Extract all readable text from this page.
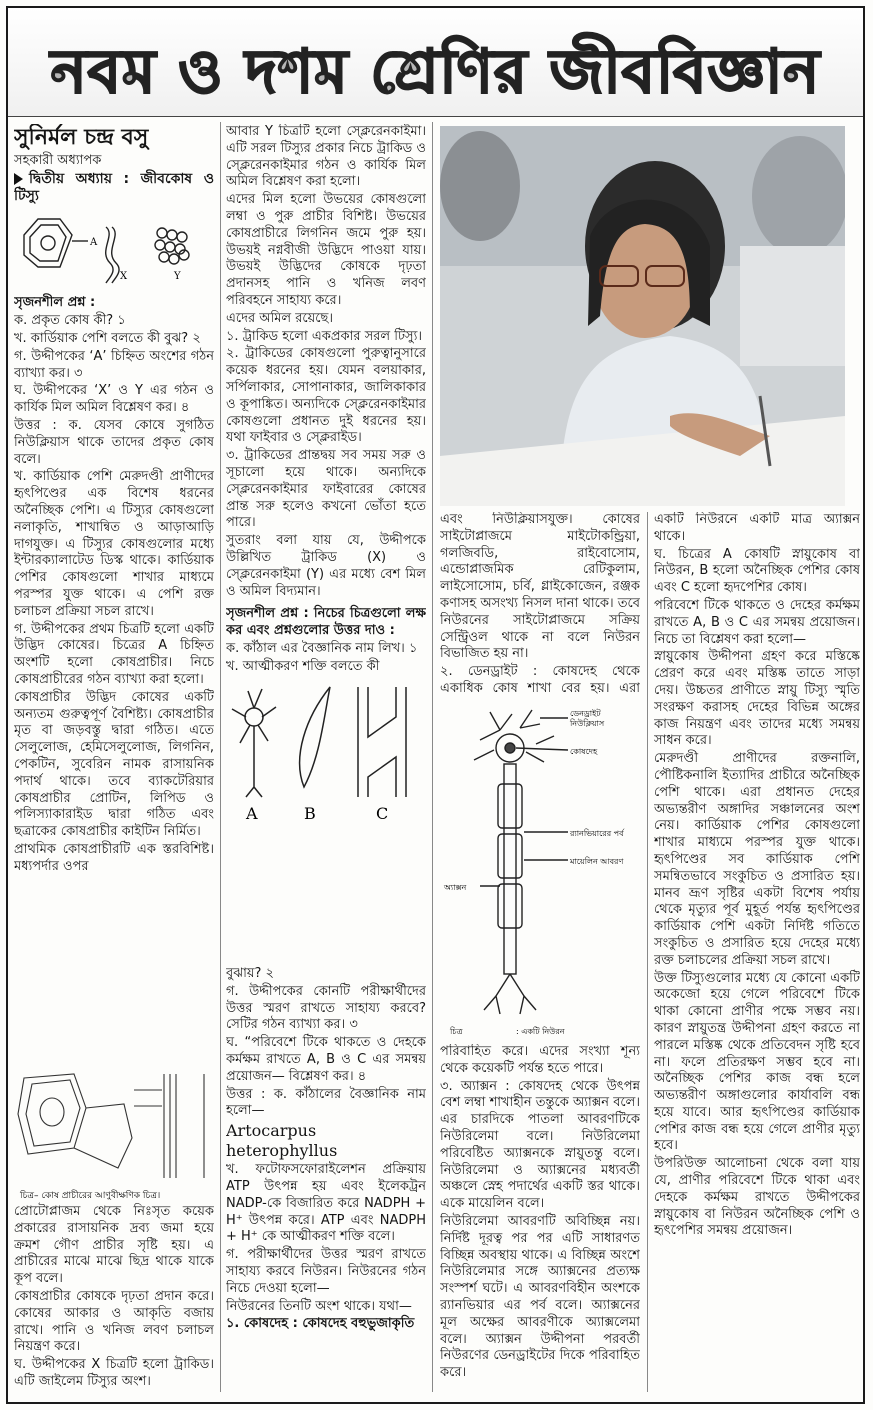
নবম ও দশম শ্রেণির জীববিজ্ঞান

সুনির্মল চন্দ্র বসু

সহকারী অধ্যাপক

দ্বিতীয় অধ্যায় : জীবকোষ ও টিস্যু

A
X	Y

সৃজনশীল প্রশ্ন :

ক. প্রকৃত কোষ কী? ১

খ. কার্ডিয়াক পেশি বলতে কী বুঝ? ২

গ. উদ্দীপকের ‘A’ চিহ্নিত অংশের গঠন ব্যাখ্যা কর। ৩

ঘ. উদ্দীপকের ‘X’ ও Y এর গঠন ও কার্যিক মিল অমিল বিশ্লেষণ কর। ৪

উত্তর : ক. যেসব কোষে সুগঠিত নিউক্লিয়াস থাকে তাদের প্রকৃত কোষ বলে।

খ. কার্ডিয়াক পেশি মেরুদণ্ডী প্রাণীদের হৃৎপিণ্ডের এক বিশেষ ধরনের অনৈচ্ছিক পেশি। এ টিস্যুর কোষগুলো নলাকৃতি, শাখান্বিত ও আড়াআড়ি দাগযুক্ত। এ টিস্যুর কোষগুলোর মধ্যে ইন্টারক্যালাটেড ডিস্ক থাকে। কার্ডিয়াক পেশির কোষগুলো শাখার মাধ্যমে পরস্পর যুক্ত থাকে। এ পেশি রক্ত চলাচল প্রক্রিয়া সচল রাখে।

গ. উদ্দীপকের প্রথম চিত্রটি হলো একটি উদ্ভিদ কোষের। চিত্রের A চিহ্নিত অংশটি হলো কোষপ্রাচীর। নিচে কোষপ্রাচীরের গঠন ব্যাখ্যা করা হলো।

কোষপ্রাচীর উদ্ভিদ কোষের একটি অন্যতম গুরুত্বপূর্ণ বৈশিষ্ট্য। কোষপ্রাচীর মৃত বা জড়বস্তু দ্বারা গঠিত। এতে সেলুলোজ, হেমিসেলুলোজ, লিগনিন, পেকটিন, সুবেরিন নামক রাসায়নিক পদার্থ থাকে। তবে ব্যাকটেরিয়ার কোষপ্রাচীর প্রোটিন, লিপিড ও পলিস্যাকারাইড দ্বারা গঠিত এবং ছত্রাকের কোষপ্রাচীর কাইটিন নির্মিত।

প্রাথমিক কোষপ্রাচীরটি এক স্তরবিশিষ্ট। মধ্যপর্দার ওপর

চিত্র– কোষ প্রাচীরের আণুবীক্ষণিক চিত্র।

প্রোটোপ্লাজম থেকে নিঃসৃত কয়েক প্রকারের রাসায়নিক দ্রব্য জমা হয়ে ক্রমশ গৌণ প্রাচীর সৃষ্টি হয়। এ প্রাচীরের মাঝে মাঝে ছিদ্র থাকে যাকে কূপ বলে।

কোষপ্রাচীর কোষকে দৃঢ়তা প্রদান করে। কোষের আকার ও আকৃতি বজায় রাখে। পানি ও খনিজ লবণ চলাচল নিয়ন্ত্রণ করে।

ঘ. উদ্দীপকের X চিত্রটি হলো ট্রাকিড। এটি জাইলেম টিস্যুর অংশ।

আবার Y চিত্রটি হলো স্ক্লেরেনকাইমা। এটি সরল টিস্যুর প্রকার নিচে ট্রাকিড ও স্ক্লেরেনকাইমার গঠন ও কার্যিক মিল অমিল বিশ্লেষণ করা হলো।

এদের মিল হলো উভয়ের কোষগুলো লম্বা ও পুরু প্রাচীর বিশিষ্ট। উভয়ের কোষপ্রাচীরে লিগনিন জমে পুরু হয়। উভয়ই নগ্নবীজী উদ্ভিদে পাওয়া যায়। উভয়ই উদ্ভিদের কোষকে দৃঢ়তা প্রদানসহ পানি ও খনিজ লবণ পরিবহনে সাহায্য করে।

এদের অমিল রয়েছে।

১. ট্রাকিড হলো একপ্রকার সরল টিস্যু।

২. ট্রাকিডের কোষগুলো পুরুত্বানুসারে কয়েক ধরনের হয়। যেমন বলয়াকার, সর্পিলাকার, সোপানাকার, জালিকাকার ও কূপাঙ্কিত। অন্যদিকে স্ক্লেরেনকাইমার কোষগুলো প্রধানত দুই ধরনের হয়। যথা ফাইবার ও স্ক্লেরাইড।

৩. ট্রাকিডের প্রান্তদ্বয় সব সময় সরু ও সূচালো হয়ে থাকে। অন্যদিকে স্ক্লেরেনকাইমার ফাইবারের কোষের প্রান্ত সরু হলেও কখনো ভোঁতা হতে পারে।

সুতরাং বলা যায় যে, উদ্দীপকে উল্লিখিত ট্রাকিড (X) ও স্ক্লেরেনকাইমা (Y) এর মধ্যে বেশ মিল ও অমিল বিদ্যমান।

সৃজনশীল প্রশ্ন : নিচের চিত্রগুলো লক্ষ কর এবং প্রশ্নগুলোর উত্তর দাও :

ক. কাঁঠাল এর বৈজ্ঞানিক নাম লিখ। ১

খ. আত্মীকরণ শক্তি বলতে কী

A	B	C

বুঝায়? ২

গ. উদ্দীপকের কোনটি পরীক্ষার্থীদের উত্তর স্মরণ রাখতে সাহায্য করবে? সেটির গঠন ব্যাখ্যা কর। ৩

ঘ. “পরিবেশে টিকে থাকতে ও দেহকে কর্মক্ষম রাখতে A, B ও C এর সমন্বয় প্রয়োজন— বিশ্লেষণ কর। ৪

উত্তর : ক. কাঁঠালের বৈজ্ঞানিক নাম হলো—

Artocarpus heterophyllus

খ. ফটোফসফোরাইলেশন প্রক্রিয়ায় ATP উৎপন্ন হয় এবং ইলেকট্রন NADP-কে বিজারিত করে NADPH + H⁺ উৎপন্ন করে। ATP এবং NADPH + H⁺ কে আত্মীকরণ শক্তি বলে।

গ. পরীক্ষার্থীদের উত্তর স্মরণ রাখতে সাহায্য করবে নিউরন। নিউরনের গঠন নিচে দেওয়া হলো—

নিউরনের তিনটি অংশ থাকে। যথা—

১. কোষদেহ : কোষদেহ বহুভুজাকৃতি

এবং নিউক্লিয়াসযুক্ত। কোষের সাইটোপ্লাজমে মাইটোকন্ড্রিয়া, গলজিবডি, রাইবোসোম, এন্ডোপ্লাজমিক রেটিকুলাম, লাইসোসোম, চর্বি, গ্লাইকোজেন, রঞ্জক কণাসহ অসংখ্য নিসল দানা থাকে। তবে নিউরনের সাইটোপ্লাজমে সক্রিয় সেন্ট্রিওল থাকে না বলে নিউরন বিভাজিত হয় না।

২. ডেনড্রাইট : কোষদেহ থেকে একাধিক কোষ শাখা বের হয়। এরা

ডেনড্রাইট
নিউক্লিয়াস
কোষদেহ
র‍্যানভিয়ারের পর্ব
মায়েলিন আবরণ
অ্যাক্সন
চিত্র	: একটি নিউরন

পরিবাহিত করে। এদের সংখ্যা শূন্য থেকে কয়েকটি পর্যন্ত হতে পারে।

৩. অ্যাক্সন : কোষদেহ থেকে উৎপন্ন বেশ লম্বা শাখাহীন তন্তুকে অ্যাক্সন বলে। এর চারদিকে পাতলা আবরণটিকে নিউরিলেমা বলে। নিউরিলেমা পরিবেষ্টিত অ্যাক্সনকে স্নায়ুতন্তু বলে। নিউরিলেমা ও অ্যাক্সনের মধ্যবর্তী অঞ্চলে স্নেহ পদার্থের একটি স্তর থাকে। একে মায়েলিন বলে।

নিউরিলেমা আবরণটি অবিচ্ছিন্ন নয়। নির্দিষ্ট দূরত্ব পর পর এটি সাধারণত বিচ্ছিন্ন অবস্থায় থাকে। এ বিচ্ছিন্ন অংশে নিউরিলেমার সঙ্গে অ্যাক্সনের প্রত্যক্ষ সংস্পর্শ ঘটে। এ আবরণবিহীন অংশকে র‍্যানভিয়ার এর পর্ব বলে। অ্যাক্সনের মূল অক্ষের আবরণীকে অ্যাক্সলেমা বলে। অ্যাক্সন উদ্দীপনা পরবর্তী নিউরণের ডেনড্রাইটের দিকে পরিবাহিত করে।

একটি নিউরনে একটি মাত্র অ্যাক্সন থাকে।

ঘ. চিত্রের A কোষটি স্নায়ুকোষ বা নিউরন, B হলো অনৈচ্ছিক পেশির কোষ এবং C হলো হৃদপেশির কোষ।

পরিবেশে টিকে থাকতে ও দেহের কর্মক্ষম রাখতে A, B ও C এর সমন্বয় প্রয়োজন। নিচে তা বিশ্লেষণ করা হলো—

স্নায়ুকোষ উদ্দীপনা গ্রহণ করে মস্তিষ্কে প্রেরণ করে এবং মস্তিষ্ক তাতে সাড়া দেয়। উচ্চতর প্রাণীতে স্নায়ু টিস্যু স্মৃতি সংরক্ষণ করাসহ দেহের বিভিন্ন অঙ্গের কাজ নিয়ন্ত্রণ এবং তাদের মধ্যে সমন্বয় সাধন করে।

মেরুদণ্ডী প্রাণীদের রক্তনালি, পৌষ্টিকনালি ইত্যাদির প্রাচীরে অনৈচ্ছিক পেশি থাকে। এরা প্রধানত দেহের অভ্যন্তরীণ অঙ্গাদির সঞ্চালনের অংশ নেয়। কার্ডিয়াক পেশির কোষগুলো শাখার মাধ্যমে পরস্পর যুক্ত থাকে। হৃৎপিণ্ডের সব কার্ডিয়াক পেশি সমন্বিতভাবে সংকুচিত ও প্রসারিত হয়। মানব ভ্রূণ সৃষ্টির একটা বিশেষ পর্যায় থেকে মৃত্যুর পূর্ব মুহূর্ত পর্যন্ত হৃৎপিণ্ডের কার্ডিয়াক পেশি একটা নির্দিষ্ট গতিতে সংকুচিত ও প্রসারিত হয়ে দেহের মধ্যে রক্ত চলাচলের প্রক্রিয়া সচল রাখে।

উক্ত টিস্যুগুলোর মধ্যে যে কোনো একটি অকেজো হয়ে গেলে পরিবেশে টিকে থাকা কোনো প্রাণীর পক্ষে সম্ভব নয়। কারণ স্নায়ুতন্ত্র উদ্দীপনা গ্রহণ করতে না পারলে মস্তিষ্ক থেকে প্রতিবেদন সৃষ্টি হবে না। ফলে প্রতিরক্ষণ সম্ভব হবে না। অনৈচ্ছিক পেশির কাজ বন্ধ হলে অভ্যন্তরীণ অঙ্গাগুলোর কার্যাবলি বন্ধ হয়ে যাবে। আর হৃৎপিণ্ডের কার্ডিয়াক পেশির কাজ বন্ধ হয়ে গেলে প্রাণীর মৃত্যু হবে।

উপরিউক্ত আলোচনা থেকে বলা যায় যে, প্রাণীর পরিবেশে টিকে থাকা এবং দেহকে কর্মক্ষম রাখতে উদ্দীপকের স্নায়ুকোষ বা নিউরন অনৈচ্ছিক পেশি ও হৃৎপেশির সমন্বয় প্রয়োজন।
